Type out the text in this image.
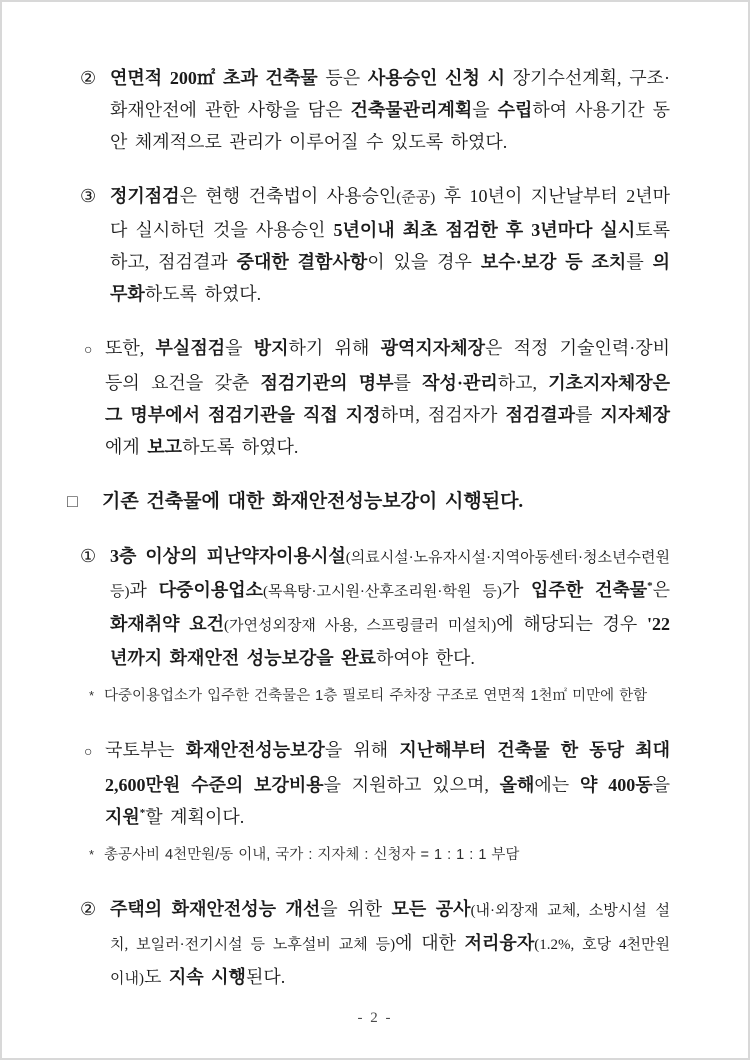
② 연면적 200㎡ 초과 건축물 등은 사용승인 신청 시 장기수선계획, 구조·화재안전에 관한 사항을 담은 건축물관리계획을 수립하여 사용기간 동안 체계적으로 관리가 이루어질 수 있도록 하였다.
③ 정기점검은 현행 건축법이 사용승인(준공) 후 10년이 지난날부터 2년마다 실시하던 것을 사용승인 5년이내 최초 점검한 후 3년마다 실시토록 하고, 점검결과 중대한 결함사항이 있을 경우 보수·보강 등 조치를 의무화하도록 하였다.
○ 또한, 부실점검을 방지하기 위해 광역지자체장은 적정 기술인력·장비 등의 요건을 갖춘 점검기관의 명부를 작성·관리하고, 기초지자체장은 그 명부에서 점검기관을 직접 지정하며, 점검자가 점검결과를 지자체장에게 보고하도록 하였다.
□ 기존 건축물에 대한 화재안전성능보강이 시행된다.
① 3층 이상의 피난약자이용시설(의료시설·노유자시설·지역아동센터·청소년수련원 등)과 다중이용업소(목욕탕·고시원·산후조리원·학원 등)가 입주한 건축물*은 화재취약 요건(가연성외장재 사용, 스프링클러 미설치)에 해당되는 경우 '22년까지 화재안전 성능보강을 완료하여야 한다.
* 다중이용업소가 입주한 건축물은 1층 필로티 주차장 구조로 연면적 1천㎡ 미만에 한함
○ 국토부는 화재안전성능보강을 위해 지난해부터 건축물 한 동당 최대 2,600만원 수준의 보강비용을 지원하고 있으며, 올해에는 약 400동을 지원*할 계획이다.
* 총공사비 4천만원/동 이내, 국가 : 지자체 : 신청자 = 1 : 1 : 1 부담
② 주택의 화재안전성능 개선을 위한 모든 공사(내·외장재 교체, 소방시설 설치, 보일러·전기시설 등 노후설비 교체 등)에 대한 저리융자(1.2%, 호당 4천만원 이내)도 지속 시행된다.
- 2 -
